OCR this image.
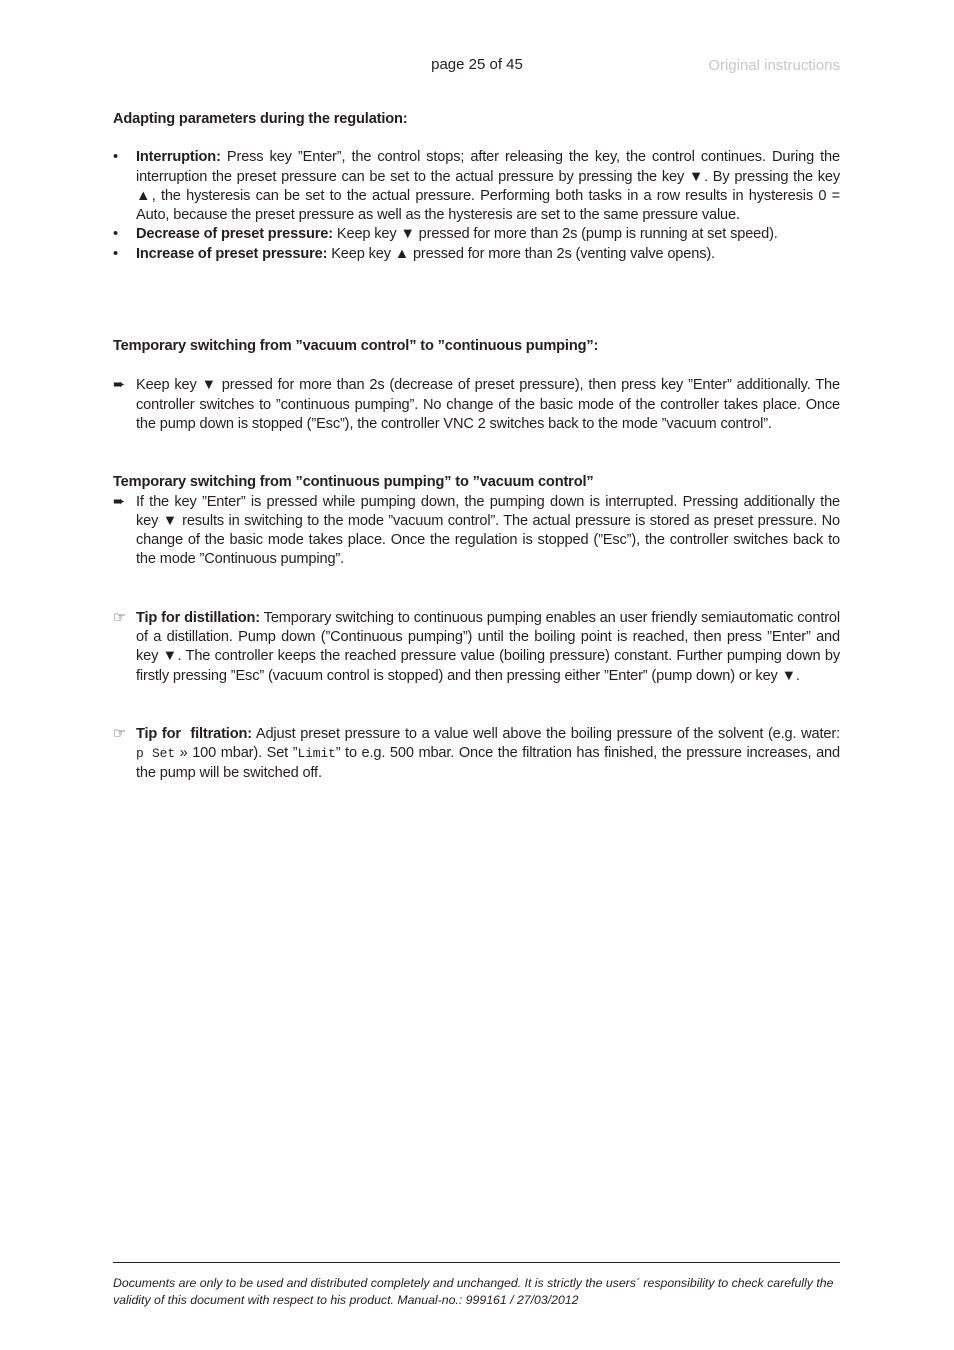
page 25 of 45	Original instructions
Adapting parameters during the regulation:
•	Interruption: Press key ”Enter”, the control stops; after releasing the key, the control continues. During the interruption the preset pressure can be set to the actual pressure by pressing the key ▼. By pressing the key ▲, the hysteresis can be set to the actual pressure. Performing both tasks in a row results in hysteresis 0 = Auto, because the preset pressure as well as the hysteresis are set to the same pressure value.
•	Decrease of preset pressure: Keep key ▼ pressed for more than 2s (pump is running at set speed).
•	Increase of preset pressure: Keep key ▲ pressed for more than 2s (venting valve opens).
Temporary switching from ”vacuum control” to ”continuous pumping”:
➨ Keep key ▼ pressed for more than 2s (decrease of preset pressure), then press key ”Enter” additionally. The controller switches to ”continuous pumping”. No change of the basic mode of the controller takes place. Once the pump down is stopped (”Esc”), the controller VNC 2 switches back to the mode ”vacuum control”.
Temporary switching from ”continuous pumping” to ”vacuum control”
➨ If the key ”Enter” is pressed while pumping down, the pumping down is interrupted. Pressing additionally the key ▼ results in switching to the mode ”vacuum control”. The actual pressure is stored as preset pressure. No change of the basic mode takes place. Once the regulation is stopped (”Esc”), the controller switches back to the mode ”Continuous pumping”.
☞ Tip for distillation: Temporary switching to continuous pumping enables an user friendly semiautomatic control of a distillation. Pump down (”Continuous pumping”) until the boiling point is reached, then press ”Enter” and key ▼. The controller keeps the reached pressure value (boiling pressure) constant. Further pumping down by firstly pressing ”Esc” (vacuum control is stopped) and then pressing either ”Enter” (pump down) or key ▼.
☞ Tip for  filtration: Adjust preset pressure to a value well above the boiling pressure of the solvent (e.g. water: p Set » 100 mbar). Set ”Limit” to e.g. 500 mbar. Once the filtration has finished, the pressure increases, and the pump will be switched off.
Documents are only to be used and distributed completely and unchanged. It is strictly the users´ responsibility to check carefully the validity of this document with respect to his product. Manual-no.: 999161 / 27/03/2012
